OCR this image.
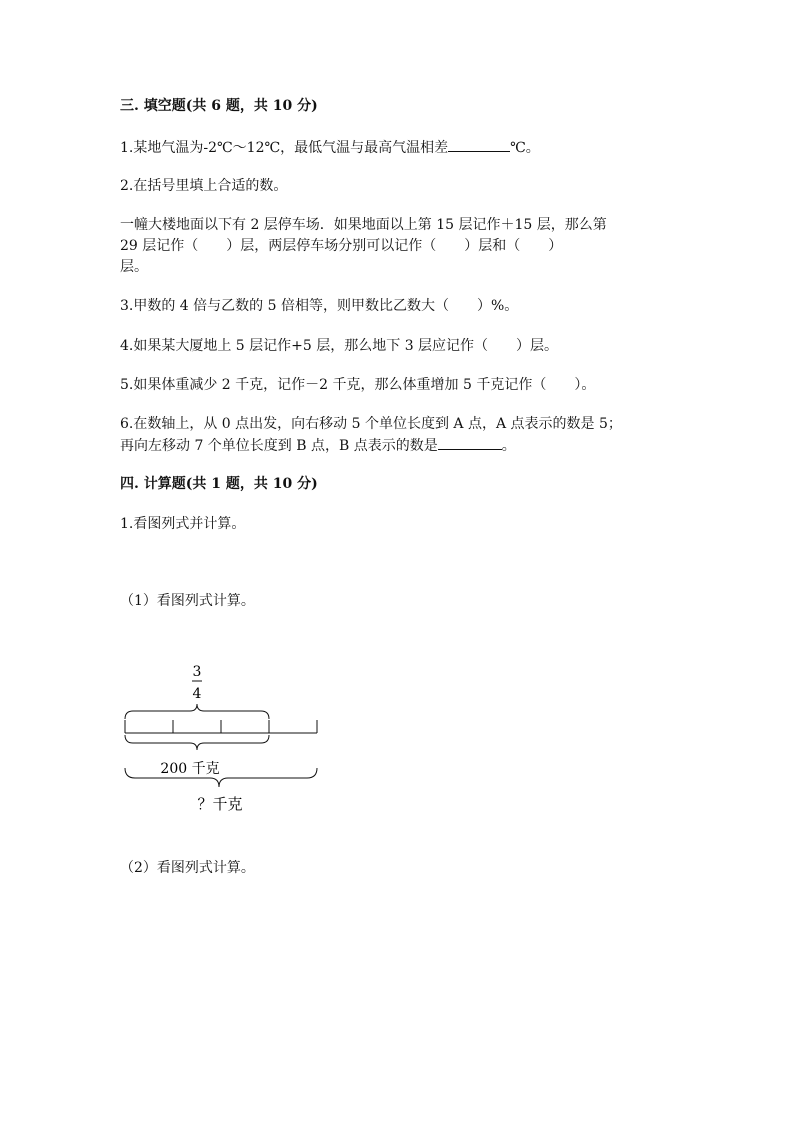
三. 填空题(共 6 题，共 10 分)
1.某地气温为-2℃～12℃，最低气温与最高气温相差	℃。
2.在括号里填上合适的数。
一幢大楼地面以下有 2 层停车场．如果地面以上第 15 层记作＋15 层，那么第
29 层记作（　　）层，两层停车场分别可以记作（　　）层和（　　）
层。
3.甲数的 4 倍与乙数的 5 倍相等，则甲数比乙数大（　　）%。
4.如果某大厦地上 5 层记作+5 层，那么地下 3 层应记作（　　）层。
5.如果体重减少 2 千克，记作－2 千克，那么体重增加 5 千克记作（　　）。
6.在数轴上，从 0 点出发，向右移动 5 个单位长度到 A 点，A 点表示的数是 5；
再向左移动 7 个单位长度到 B 点，B 点表示的数是	。
四. 计算题(共 1 题，共 10 分)
1.看图列式并计算。
（1）看图列式计算。
3
4
200 千克
？千克
（2）看图列式计算。
